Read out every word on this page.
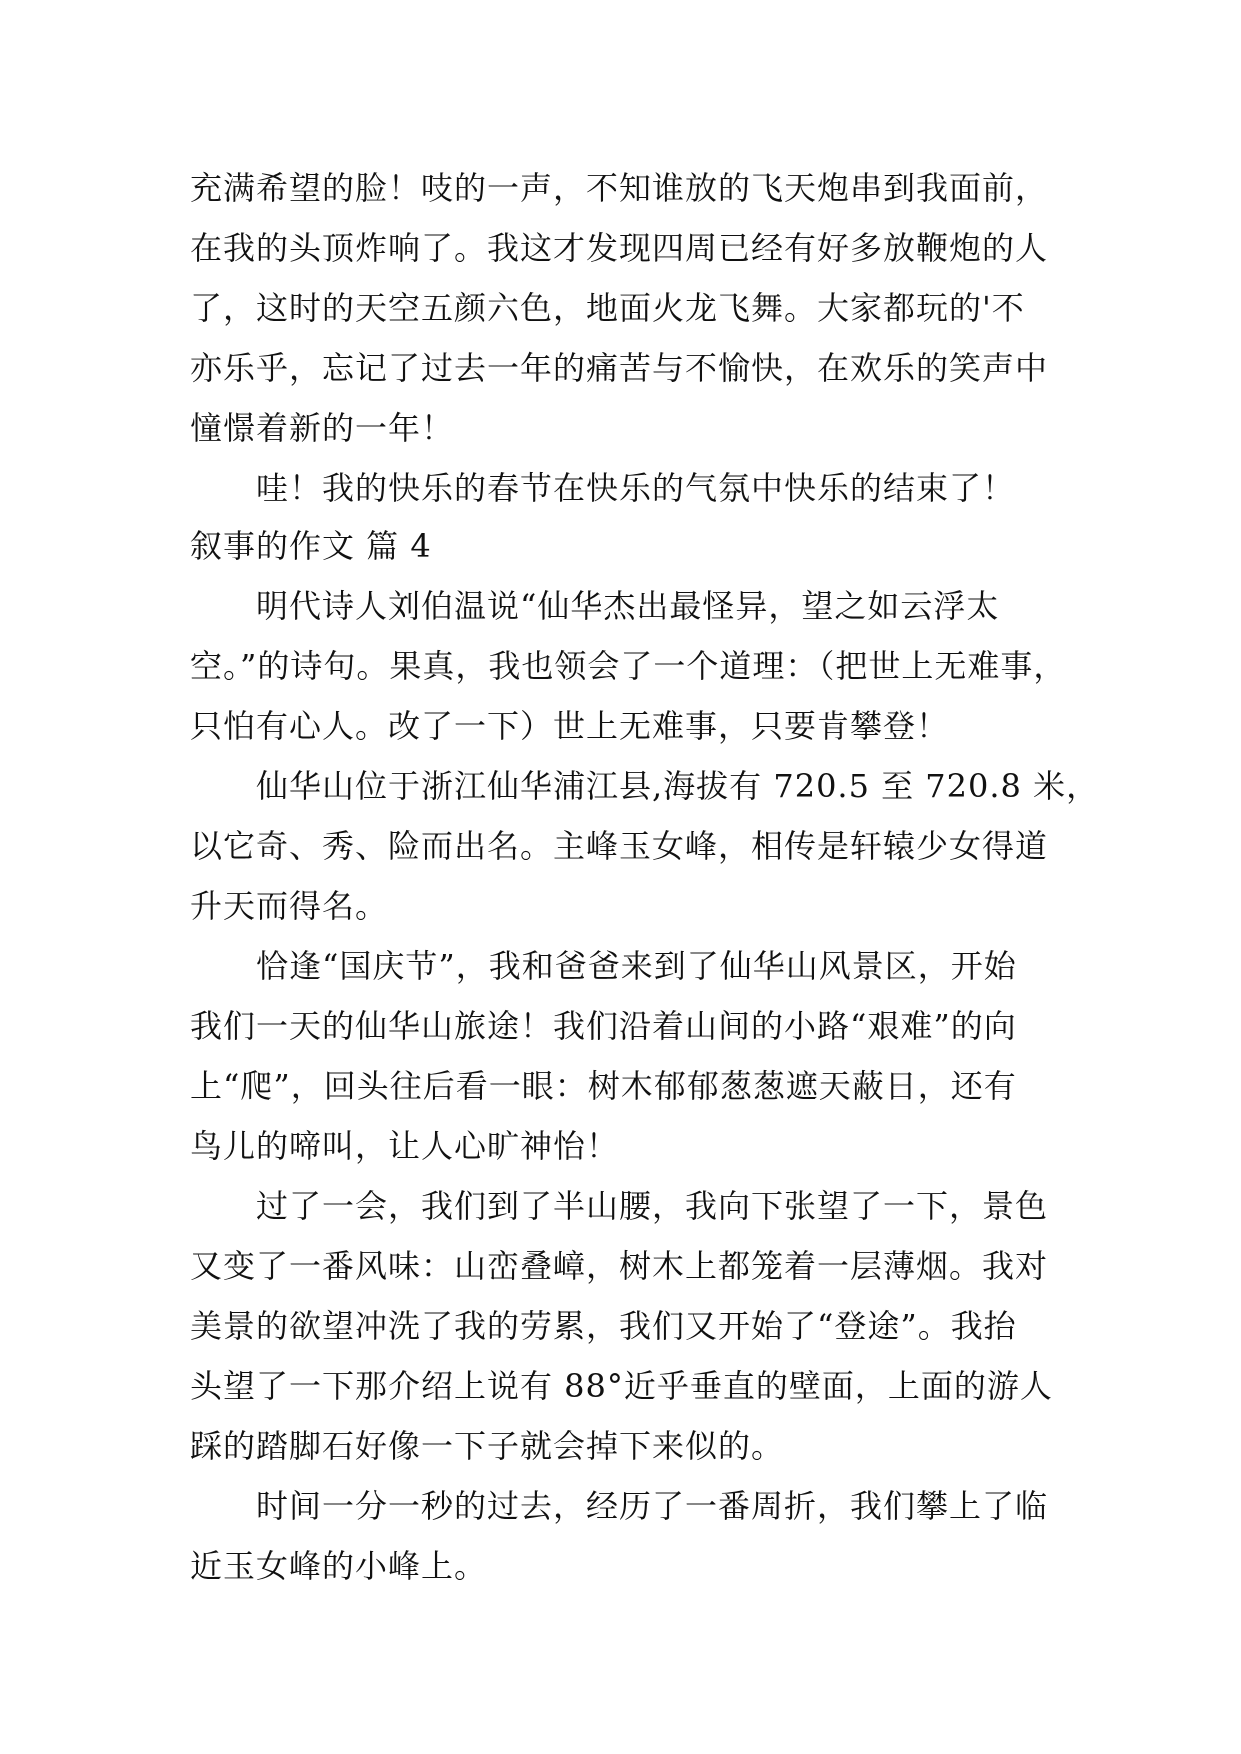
充满希望的脸！吱的一声，不知谁放的飞天炮串到我面前，
在我的头顶炸响了。我这才发现四周已经有好多放鞭炮的人
了，这时的天空五颜六色，地面火龙飞舞。大家都玩的'不
亦乐乎，忘记了过去一年的痛苦与不愉快，在欢乐的笑声中
憧憬着新的一年！
哇！我的快乐的春节在快乐的气氛中快乐的结束了！
叙事的作文 篇 4
明代诗人刘伯温说“仙华杰出最怪异，望之如云浮太
空。”的诗句。果真，我也领会了一个道理：（把世上无难事，
只怕有心人。改了一下）世上无难事，只要肯攀登！
仙华山位于浙江仙华浦江县,海拔有 720.5 至 720.8 米，
以它奇、秀、险而出名。主峰玉女峰，相传是轩辕少女得道
升天而得名。
恰逢“国庆节”，我和爸爸来到了仙华山风景区，开始
我们一天的仙华山旅途！我们沿着山间的小路“艰难”的向
上“爬”，回头往后看一眼：树木郁郁葱葱遮天蔽日，还有
鸟儿的啼叫，让人心旷神怡！
过了一会，我们到了半山腰，我向下张望了一下，景色
又变了一番风味：山峦叠嶂，树木上都笼着一层薄烟。我对
美景的欲望冲洗了我的劳累，我们又开始了“登途”。我抬
头望了一下那介绍上说有 88°近乎垂直的壁面，上面的游人
踩的踏脚石好像一下子就会掉下来似的。
时间一分一秒的过去，经历了一番周折，我们攀上了临
近玉女峰的小峰上。
